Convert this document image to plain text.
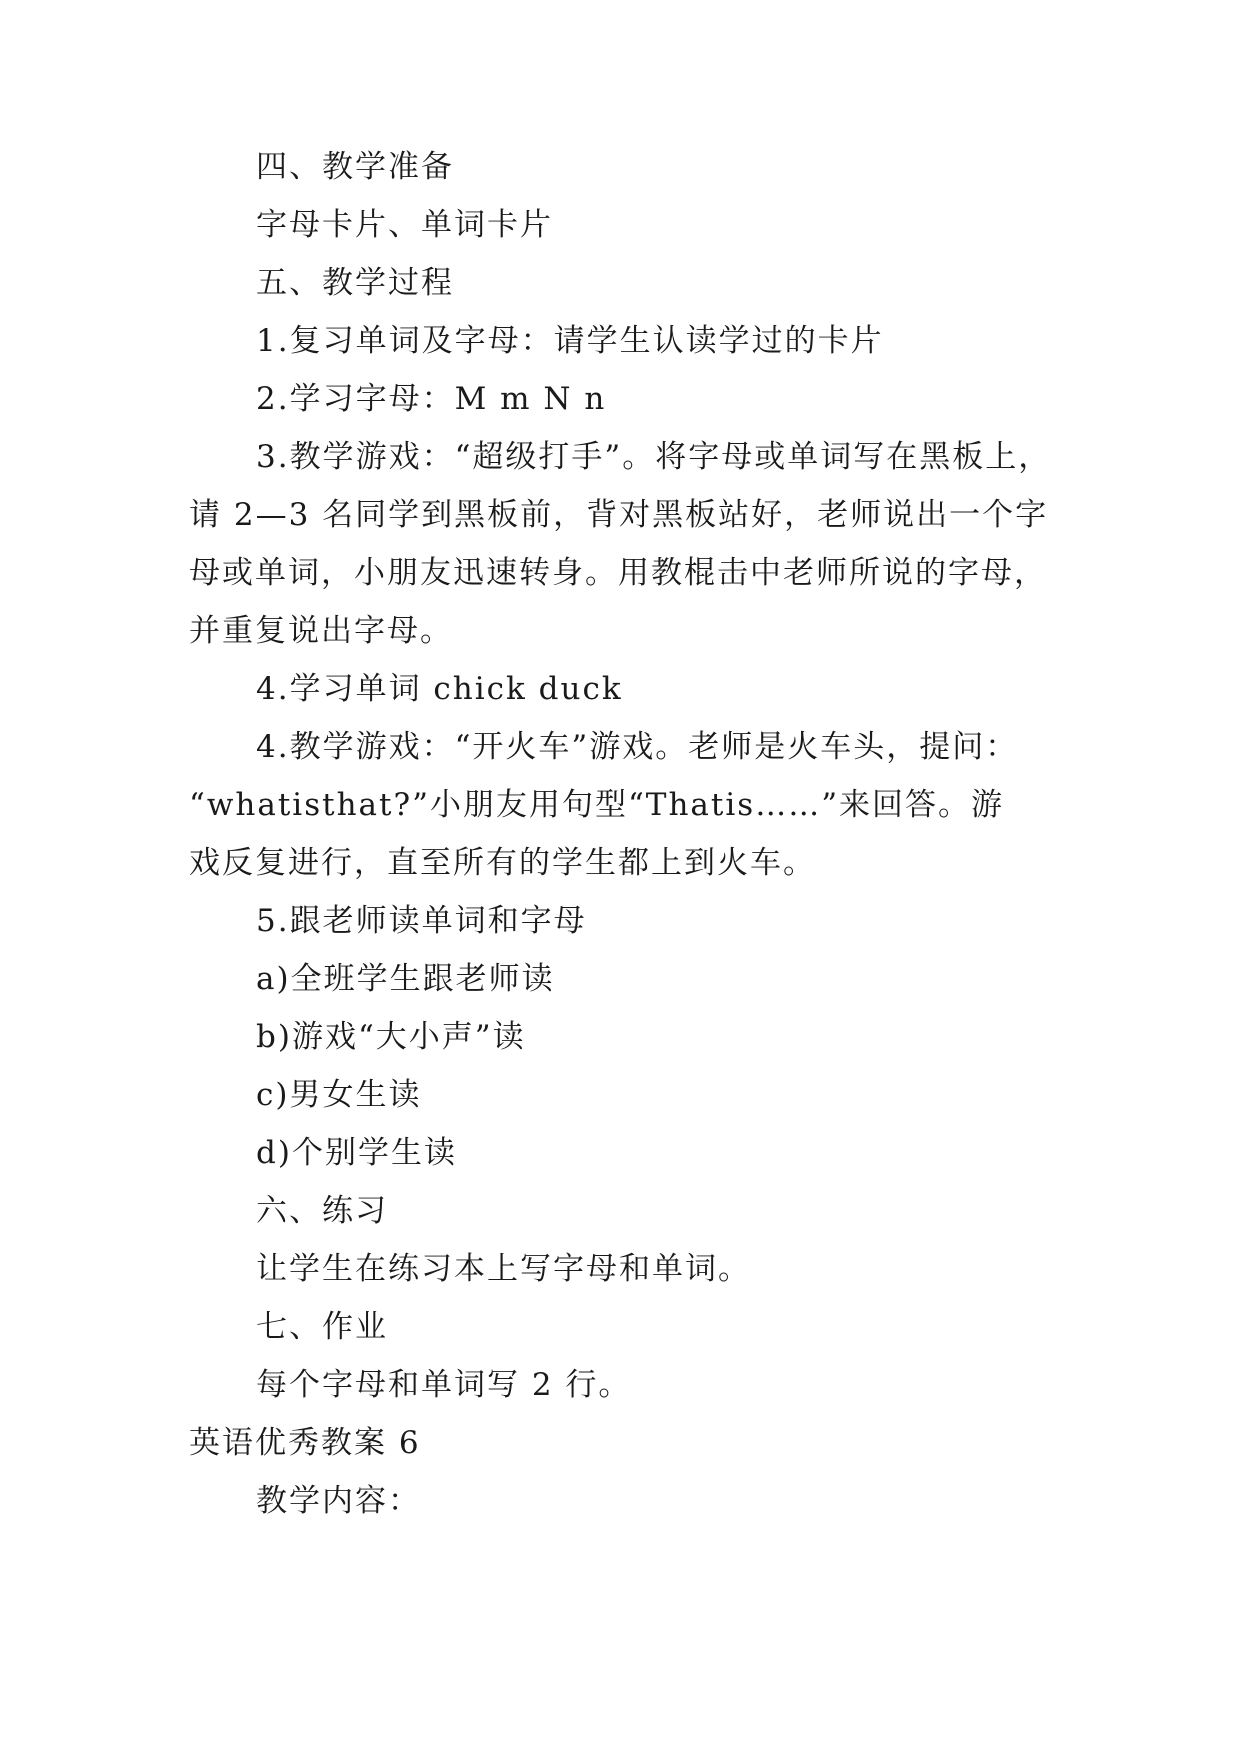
四、教学准备

字母卡片、单词卡片

五、教学过程

1.复习单词及字母：请学生认读学过的卡片

2.学习字母：M m N n

3.教学游戏：“超级打手”。将字母或单词写在黑板上，

请 2—3 名同学到黑板前，背对黑板站好，老师说出一个字

母或单词，小朋友迅速转身。用教棍击中老师所说的字母，

并重复说出字母。

4.学习单词 chick duck

4.教学游戏：“开火车”游戏。老师是火车头，提问：

“whatisthat?”小朋友用句型“Thatis……”来回答。游

戏反复进行，直至所有的学生都上到火车。

5.跟老师读单词和字母

a)全班学生跟老师读

b)游戏“大小声”读

c)男女生读

d)个别学生读

六、练习

让学生在练习本上写字母和单词。

七、作业

每个字母和单词写 2 行。

英语优秀教案 6

教学内容：
